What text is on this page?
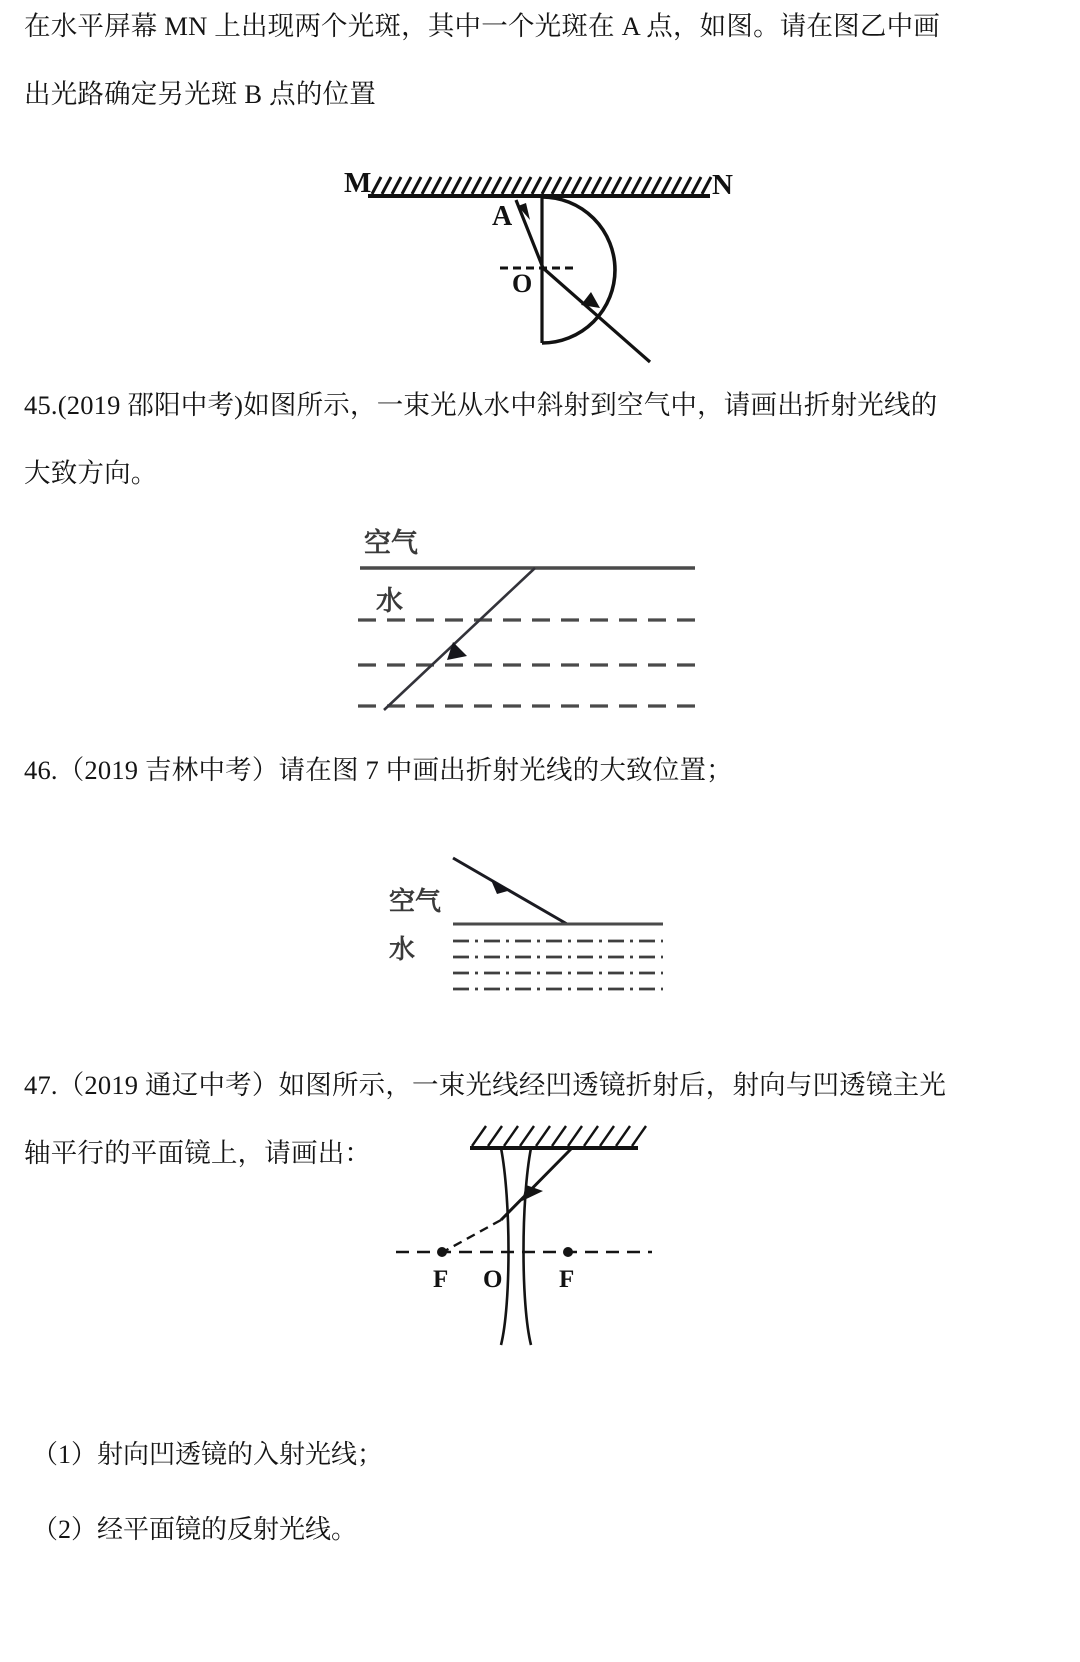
在水平屏幕 MN 上出现两个光斑，其中一个光斑在 A 点，如图。请在图乙中画
出光路确定另光斑 B 点的位置
M	N
O
A
45.(2019 邵阳中考)如图所示，一束光从水中斜射到空气中，请画出折射光线的
大致方向。
空气
水
46.（2019 吉林中考）请在图 7 中画出折射光线的大致位置；
空气
水
47.（2019 通辽中考）如图所示，一束光线经凹透镜折射后，射向与凹透镜主光
轴平行的平面镜上，请画出：
F O F
（1）射向凹透镜的入射光线；
（2）经平面镜的反射光线。
